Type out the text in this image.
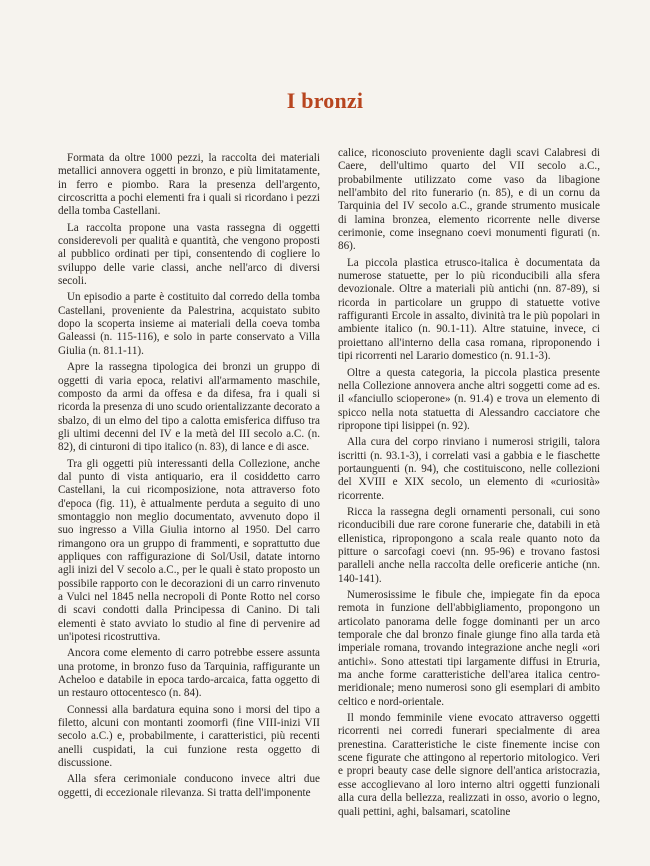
I bronzi

Formata da oltre 1000 pezzi, la raccolta dei materiali metallici annovera oggetti in bronzo, e più limitatamente, in ferro e piombo. Rara la presenza dell'argento, circoscritta a pochi elementi fra i quali si ricordano i pezzi della tomba Castellani.

La raccolta propone una vasta rassegna di oggetti considerevoli per qualità e quantità, che vengono proposti al pubblico ordinati per tipi, consentendo di cogliere lo sviluppo delle varie classi, anche nell'arco di diversi secoli.

Un episodio a parte è costituito dal corredo della tomba Castellani, proveniente da Palestrina, acquistato subito dopo la scoperta insieme ai materiali della coeva tomba Galeassi (n. 115-116), e solo in parte conservato a Villa Giulia (n. 81.1-11).

Apre la rassegna tipologica dei bronzi un gruppo di oggetti di varia epoca, relativi all'armamento maschile, composto da armi da offesa e da difesa, fra i quali si ricorda la presenza di uno scudo orientalizzante decorato a sbalzo, di un elmo del tipo a calotta emisferica diffuso tra gli ultimi decenni del IV e la metà del III secolo a.C. (n. 82), di cinturoni di tipo italico (n. 83), di lance e di asce.

Tra gli oggetti più interessanti della Collezione, anche dal punto di vista antiquario, era il cosiddetto carro Castellani, la cui ricomposizione, nota attraverso foto d'epoca (fig. 11), è attualmente perduta a seguito di uno smontaggio non meglio documentato, avvenuto dopo il suo ingresso a Villa Giulia intorno al 1950. Del carro rimangono ora un gruppo di frammenti, e soprattutto due appliques con raffigurazione di Sol/Usil, datate intorno agli inizi del V secolo a.C., per le quali è stato proposto un possibile rapporto con le decorazioni di un carro rinvenuto a Vulci nel 1845 nella necropoli di Ponte Rotto nel corso di scavi condotti dalla Principessa di Canino. Di tali elementi è stato avviato lo studio al fine di pervenire ad un'ipotesi ricostruttiva.

Ancora come elemento di carro potrebbe essere assunta una protome, in bronzo fuso da Tarquinia, raffigurante un Acheloo e databile in epoca tardo-arcaica, fatta oggetto di un restauro ottocentesco (n. 84).

Connessi alla bardatura equina sono i morsi del tipo a filetto, alcuni con montanti zoomorfi (fine VIII-inizi VII secolo a.C.) e, probabilmente, i caratteristici, più recenti anelli cuspidati, la cui funzione resta oggetto di discussione.

Alla sfera cerimoniale conducono invece altri due oggetti, di eccezionale rilevanza. Si tratta dell'imponente

calice, riconosciuto proveniente dagli scavi Calabresi di Caere, dell'ultimo quarto del VII secolo a.C., probabilmente utilizzato come vaso da libagione nell'ambito del rito funerario (n. 85), e di un cornu da Tarquinia del IV secolo a.C., grande strumento musicale di lamina bronzea, elemento ricorrente nelle diverse cerimonie, come insegnano coevi monumenti figurati (n. 86).

La piccola plastica etrusco-italica è documentata da numerose statuette, per lo più riconducibili alla sfera devozionale. Oltre a materiali più antichi (nn. 87-89), si ricorda in particolare un gruppo di statuette votive raffiguranti Ercole in assalto, divinità tra le più popolari in ambiente italico (n. 90.1-11). Altre statuine, invece, ci proiettano all'interno della casa romana, riproponendo i tipi ricorrenti nel Larario domestico (n. 91.1-3).

Oltre a questa categoria, la piccola plastica presente nella Collezione annovera anche altri soggetti come ad es. il «fanciullo scioperone» (n. 91.4) e trova un elemento di spicco nella nota statuetta di Alessandro cacciatore che ripropone tipi lisippei (n. 92).

Alla cura del corpo rinviano i numerosi strigili, talora iscritti (n. 93.1-3), i correlati vasi a gabbia e le fiaschette portaunguenti (n. 94), che costituiscono, nelle collezioni del XVIII e XIX secolo, un elemento di «curiosità» ricorrente.

Ricca la rassegna degli ornamenti personali, cui sono riconducibili due rare corone funerarie che, databili in età ellenistica, ripropongono a scala reale quanto noto da pitture o sarcofagi coevi (nn. 95-96) e trovano fastosi paralleli anche nella raccolta delle oreficerie antiche (nn. 140-141).

Numerosissime le fibule che, impiegate fin da epoca remota in funzione dell'abbigliamento, propongono un articolato panorama delle fogge dominanti per un arco temporale che dal bronzo finale giunge fino alla tarda età imperiale romana, trovando integrazione anche negli «ori antichi». Sono attestati tipi largamente diffusi in Etruria, ma anche forme caratteristiche dell'area italica centro-meridionale; meno numerosi sono gli esemplari di ambito celtico e nord-orientale.

Il mondo femminile viene evocato attraverso oggetti ricorrenti nei corredi funerari specialmente di area prenestina. Caratteristiche le ciste finemente incise con scene figurate che attingono al repertorio mitologico. Veri e propri beauty case delle signore dell'antica aristocrazia, esse accoglievano al loro interno altri oggetti funzionali alla cura della bellezza, realizzati in osso, avorio o legno, quali pettini, aghi, balsamari, scatoline
